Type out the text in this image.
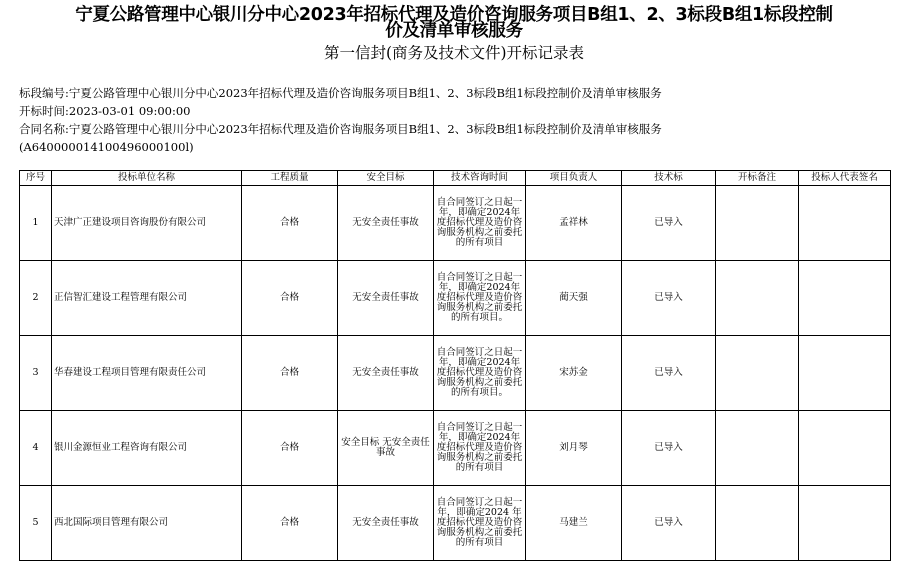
宁夏公路管理中心银川分中心2023年招标代理及造价咨询服务项目B组1、2、3标段B组1标段控制
价及清单审核服务
第一信封(商务及技术文件)开标记录表
标段编号:宁夏公路管理中心银川分中心2023年招标代理及造价咨询服务项目B组1、2、3标段B组1标段控制价及清单审核服务
开标时间:2023-03-01 09:00:00
合同名称:宁夏公路管理中心银川分中心2023年招标代理及造价咨询服务项目B组1、2、3标段B组1标段控制价及清单审核服务
(A640000014100496000100l)
序号	投标单位名称	工程质量	安全目标	技术咨询时间	项目负责人	技术标	开标备注	投标人代表签名
1	天津广正建设项目咨询股份有限公司	合格	无安全责任事故	自合同签订之日起一年，即确定2024年度招标代理及造价咨询服务机构之前委托的所有项目	孟祥林	已导入		
2	正信智汇建设工程管理有限公司	合格	无安全责任事故	自合同签订之日起一年，即确定2024年度招标代理及造价咨询服务机构之前委托的所有项目。	蔺天强	已导入		
3	华春建设工程项目管理有限责任公司	合格	无安全责任事故	自合同签订之日起一年，即确定2024年度招标代理及造价咨询服务机构之前委托的所有项目。	宋苏金	已导入		
4	银川金源恒业工程咨询有限公司	合格	安全目标 无安全责任事故	自合同签订之日起一年，即确定2024年度招标代理及造价咨询服务机构之前委托的所有项目	刘月琴	已导入		
5	西北国际项目管理有限公司	合格	无安全责任事故	自合同签订之日起一年，即确定2024 年度招标代理及造价咨询服务机构之前委托的所有项目	马建兰	已导入		
